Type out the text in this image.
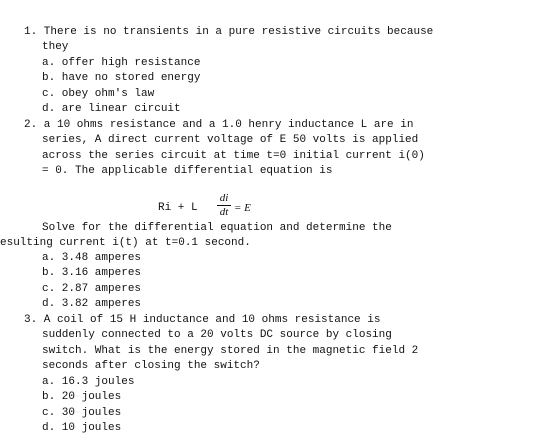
1. There is no transients in a pure resistive circuits because
they
a. offer high resistance
b. have no stored energy
c. obey ohm's law
d. are linear circuit
2. a 10 ohms resistance and a 1.0 henry inductance L are in
series, A direct current voltage of E 50 volts is applied
across the series circuit at time t=0 initial current i(0)
= 0. The applicable differential equation is
Ri + L
di
dt = E
Solve for the differential equation and determine the
esulting current i(t) at t=0.1 second.
a. 3.48 amperes
b. 3.16 amperes
c. 2.87 amperes
d. 3.82 amperes
3. A coil of 15 H inductance and 10 ohms resistance is
suddenly connected to a 20 volts DC source by closing
switch. What is the energy stored in the magnetic field 2
seconds after closing the switch?
a. 16.3 joules
b. 20 joules
c. 30 joules
d. 10 joules
